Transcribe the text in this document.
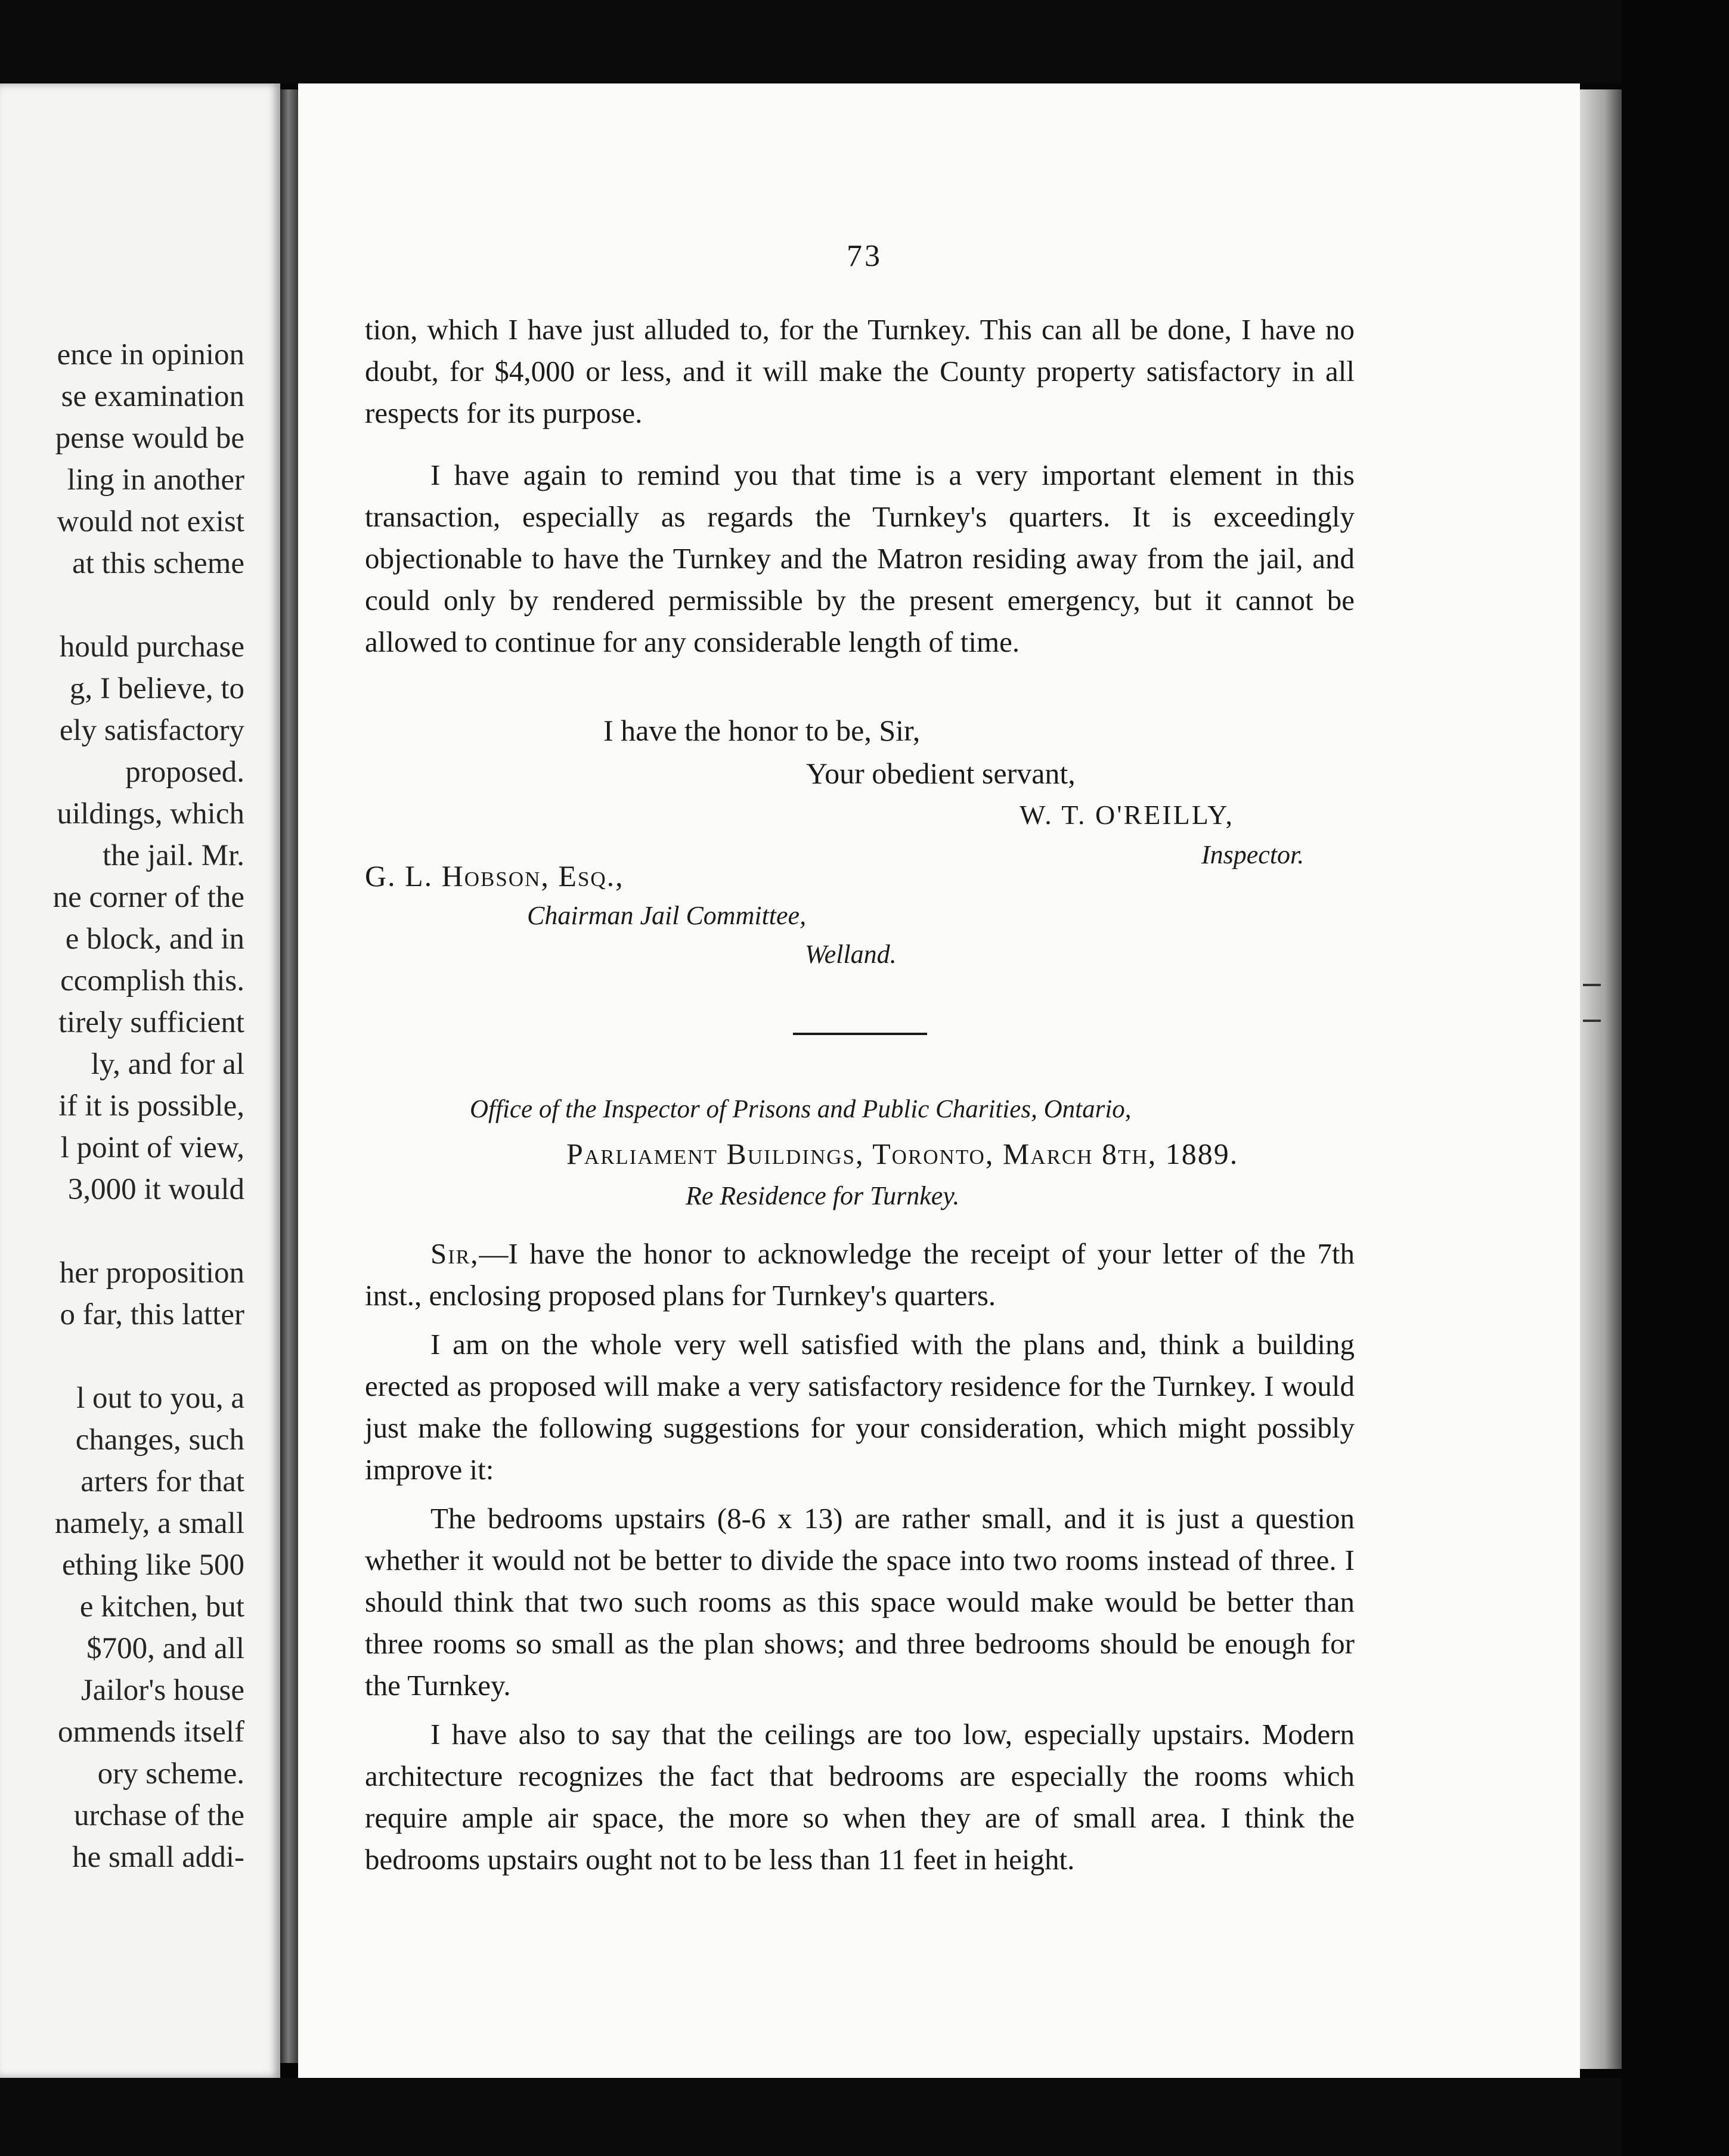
ence in opinion
se examination
pense would be
ling in another
would not exist
at this scheme
hould purchase
g, I believe, to
ely satisfactory
proposed.
uildings, which
the jail. Mr.
ne corner of the
e block, and in
ccomplish this.
tirely sufficient
ly, and for al
if it is possible,
l point of view,
3,000 it would
her proposition
o far, this latter
l out to you, a
changes, such
arters for that
namely, a small
ething like 500
e kitchen, but
$700, and all
Jailor's house
ommends itself
ory scheme.
urchase of the
he small addi-
73

tion, which I have just alluded to, for the Turnkey. This can all be done, I have no doubt, for $4,000 or less, and it will make the County property satisfactory in all respects for its purpose.

I have again to remind you that time is a very important element in this transaction, especially as regards the Turnkey's quarters. It is exceedingly objectionable to have the Turnkey and the Matron residing away from the jail, and could only by rendered permissible by the present emergency, but it cannot be allowed to continue for any considerable length of time.

I have the honor to be, Sir,
Your obedient servant,
W. T. O'REILLY,
Inspector.
G. L. Hobson, Esq.,
Chairman Jail Committee,
Welland.
Office of the Inspector of Prisons and Public Charities, Ontario,
Parliament Buildings, Toronto, March 8th, 1889.
Re Residence for Turnkey.

Sir,—I have the honor to acknowledge the receipt of your letter of the 7th inst., enclosing proposed plans for Turnkey's quarters.

I am on the whole very well satisfied with the plans and, think a building erected as proposed will make a very satisfactory residence for the Turnkey. I would just make the following suggestions for your consideration, which might possibly improve it:

The bedrooms upstairs (8-6 x 13) are rather small, and it is just a question whether it would not be better to divide the space into two rooms instead of three. I should think that two such rooms as this space would make would be better than three rooms so small as the plan shows; and three bedrooms should be enough for the Turnkey.

I have also to say that the ceilings are too low, especially upstairs. Modern architecture recognizes the fact that bedrooms are especially the rooms which require ample air space, the more so when they are of small area. I think the bedrooms upstairs ought not to be less than 11 feet in height.
